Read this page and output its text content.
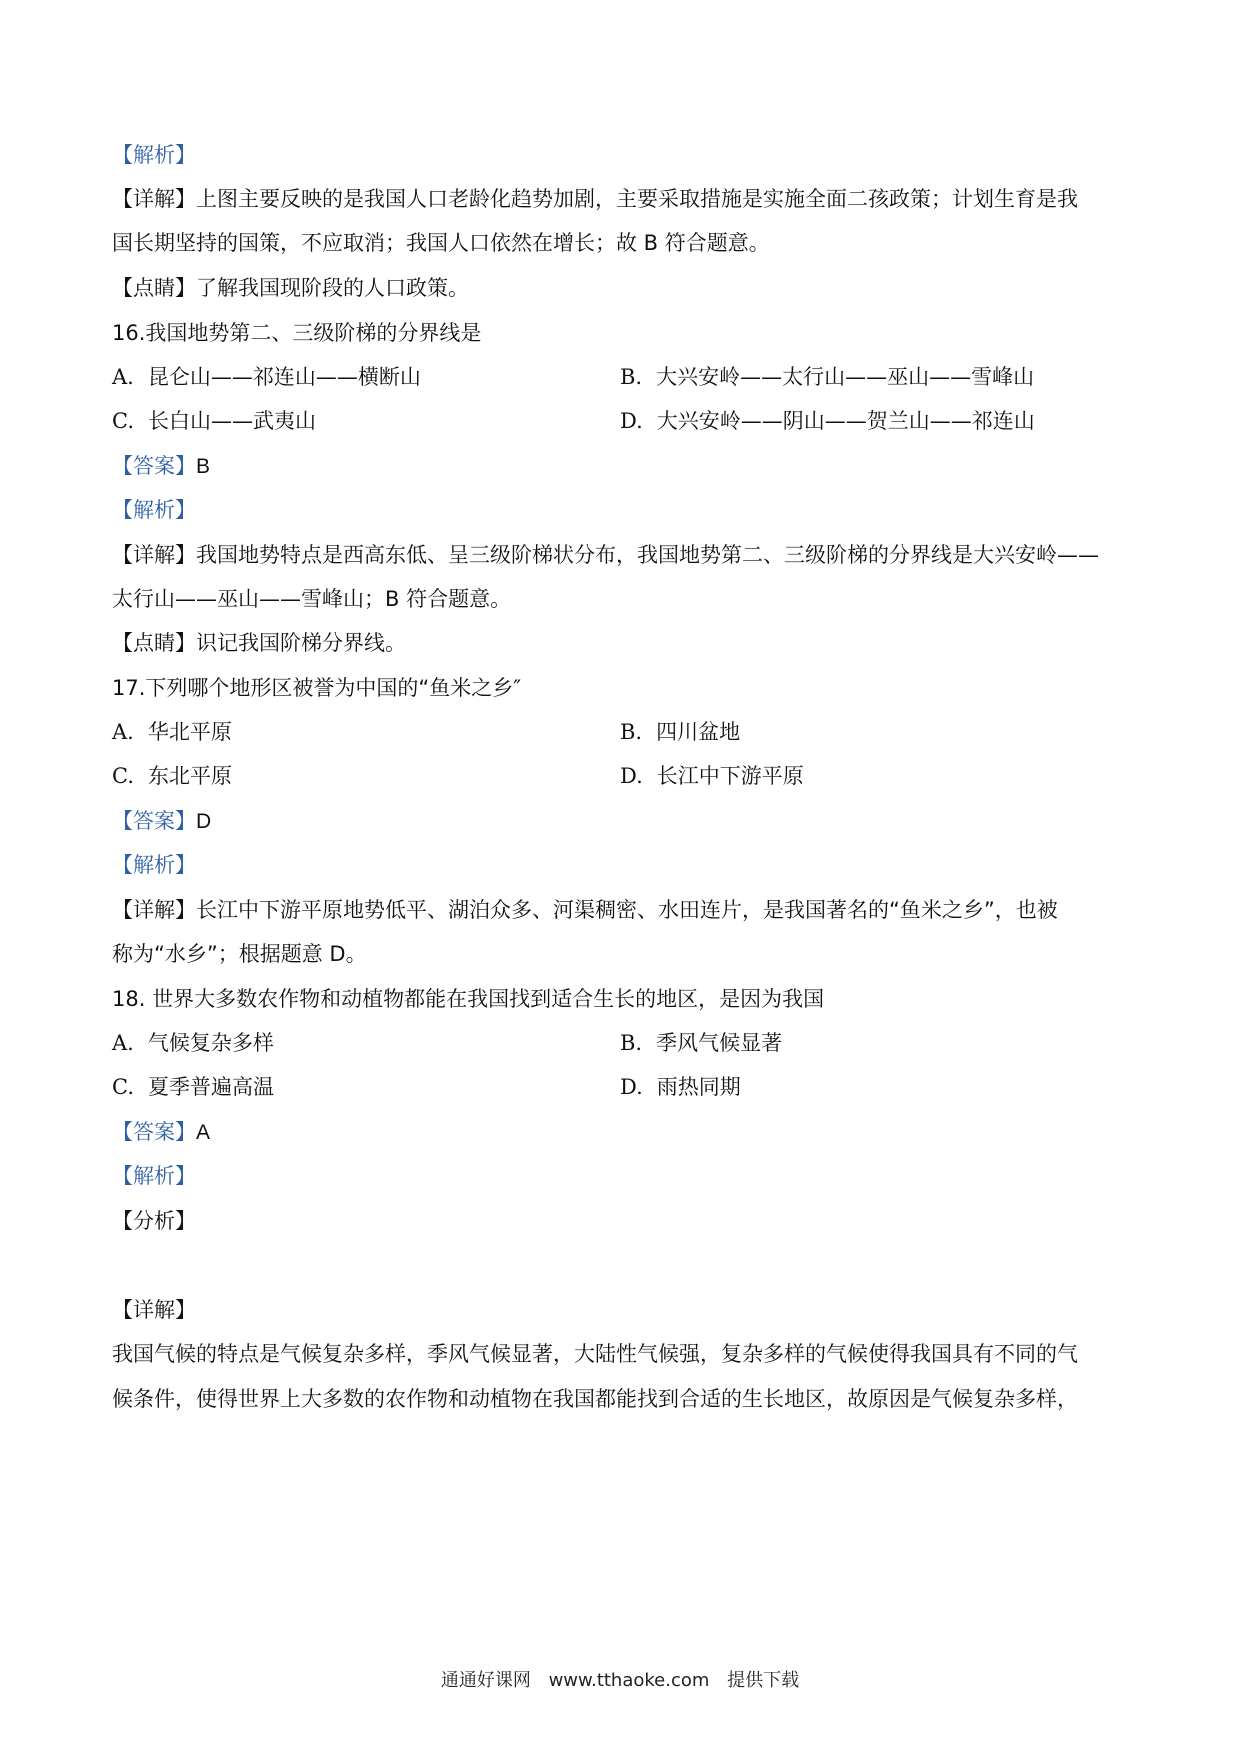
【解析】
【详解】上图主要反映的是我国人口老龄化趋势加剧，主要采取措施是实施全面二孩政策；计划生育是我
国长期坚持的国策，不应取消；我国人口依然在增长；故 B 符合题意。
【点睛】了解我国现阶段的人口政策。
16.我国地势第二、三级阶梯的分界线是
A. 昆仑山——祁连山——横断山	B. 大兴安岭——太行山——巫山——雪峰山
C. 长白山——武夷山	D. 大兴安岭——阴山——贺兰山——祁连山
【答案】B
【解析】
【详解】我国地势特点是西高东低、呈三级阶梯状分布，我国地势第二、三级阶梯的分界线是大兴安岭——
太行山——巫山——雪峰山；B 符合题意。
【点睛】识记我国阶梯分界线。
17.下列哪个地形区被誉为中国的“鱼米之乡″
A. 华北平原	B. 四川盆地
C. 东北平原	D. 长江中下游平原
【答案】D
【解析】
【详解】长江中下游平原地势低平、湖泊众多、河渠稠密、水田连片，是我国著名的“鱼米之乡”，也被
称为“水乡”；根据题意 D。
18. 世界大多数农作物和动植物都能在我国找到适合生长的地区，是因为我国
A. 气候复杂多样	B. 季风气候显著
C. 夏季普遍高温	D. 雨热同期
【答案】A
【解析】
【分析】
【详解】
我国气候的特点是气候复杂多样，季风气候显著，大陆性气候强，复杂多样的气候使得我国具有不同的气
候条件，使得世界上大多数的农作物和动植物在我国都能找到合适的生长地区，故原因是气候复杂多样，
通通好课网 www.tthaoke.com 提供下载
